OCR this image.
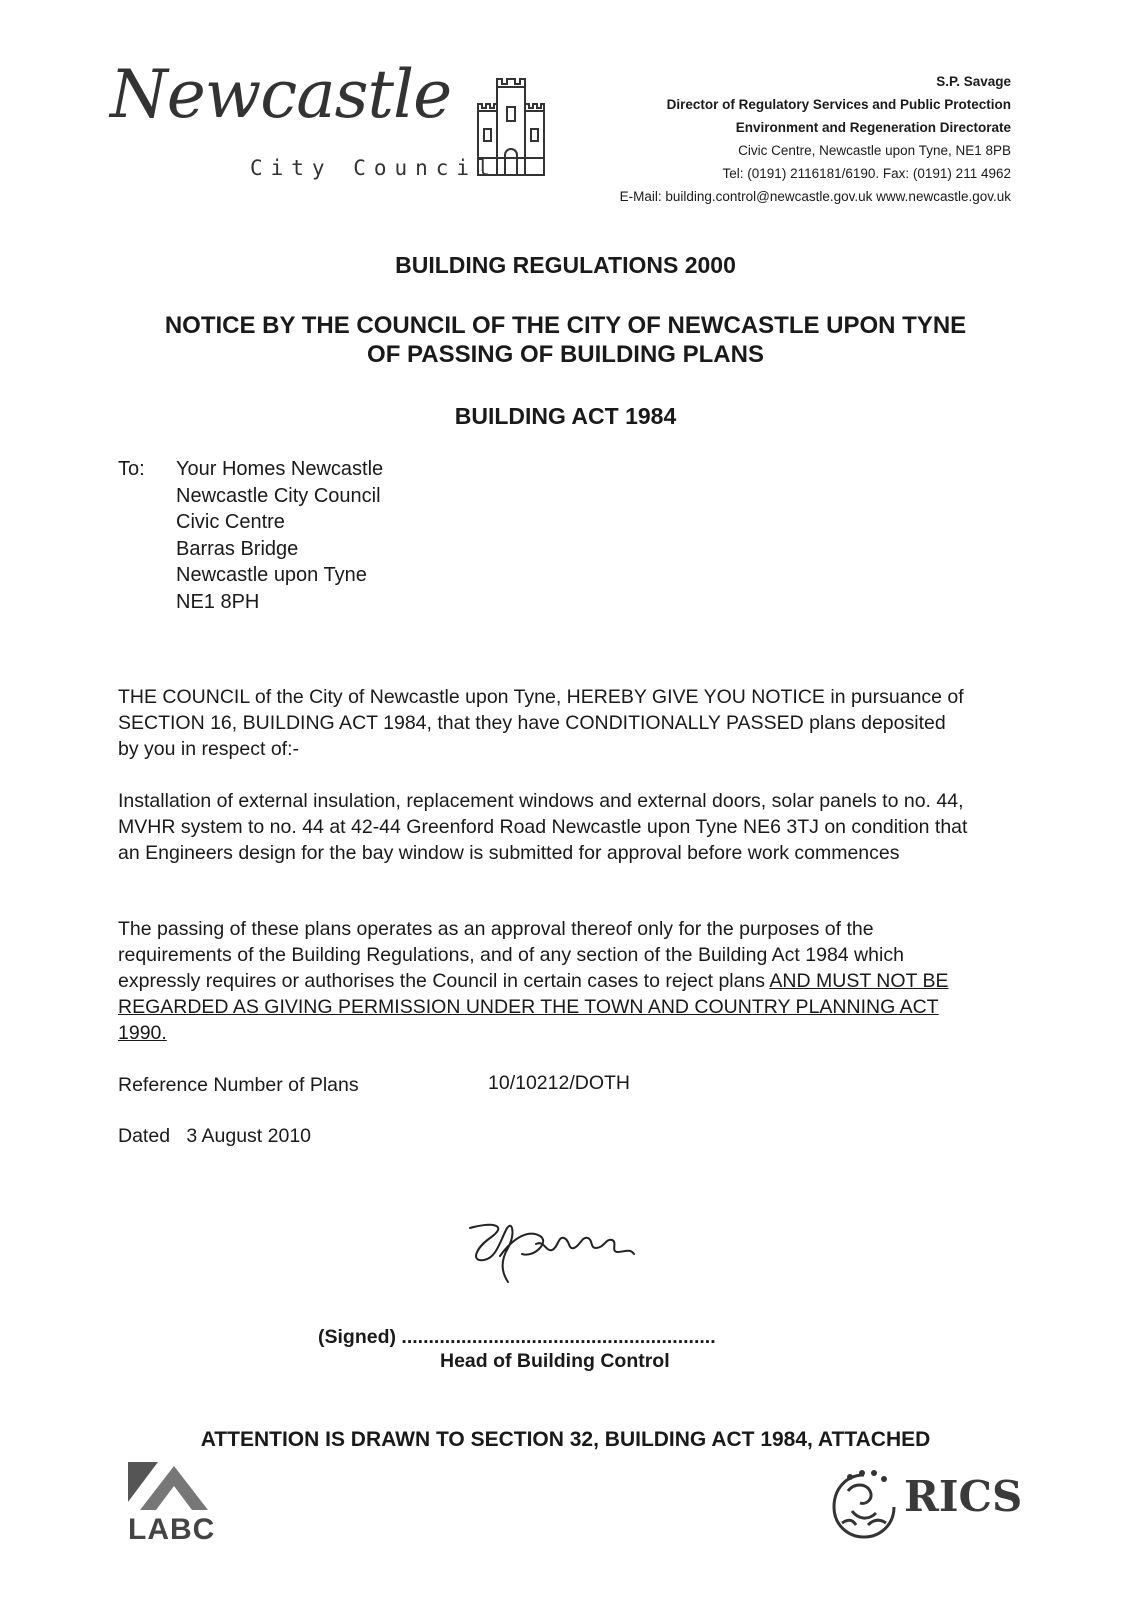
Newcastle
City Council
S.P. Savage
Director of Regulatory Services and Public Protection
Environment and Regeneration Directorate
Civic Centre, Newcastle upon Tyne, NE1 8PB
Tel: (0191) 2116181/6190. Fax: (0191) 211 4962
E-Mail: building.control@newcastle.gov.uk www.newcastle.gov.uk
BUILDING REGULATIONS 2000
NOTICE BY THE COUNCIL OF THE CITY OF NEWCASTLE UPON TYNE
OF PASSING OF BUILDING PLANS
BUILDING ACT 1984
To: Your Homes Newcastle
Newcastle City Council
Civic Centre
Barras Bridge
Newcastle upon Tyne
NE1 8PH
THE COUNCIL of the City of Newcastle upon Tyne, HEREBY GIVE YOU NOTICE in pursuance of SECTION 16, BUILDING ACT 1984, that they have CONDITIONALLY PASSED plans deposited by you in respect of:-
Installation of external insulation, replacement windows and external doors, solar panels to no. 44, MVHR system to no. 44 at 42-44 Greenford Road Newcastle upon Tyne NE6 3TJ on condition that an Engineers design for the bay window is submitted for approval before work commences
The passing of these plans operates as an approval thereof only for the purposes of the requirements of the Building Regulations, and of any section of the Building Act 1984 which expressly requires or authorises the Council in certain cases to reject plans AND MUST NOT BE REGARDED AS GIVING PERMISSION UNDER THE TOWN AND COUNTRY PLANNING ACT 1990.
Reference Number of Plans	10/10212/DOTH
Dated 3 August 2010
(Signed) ..........................................................
Head of Building Control
ATTENTION IS DRAWN TO SECTION 32, BUILDING ACT 1984, ATTACHED
LABC
RICS
